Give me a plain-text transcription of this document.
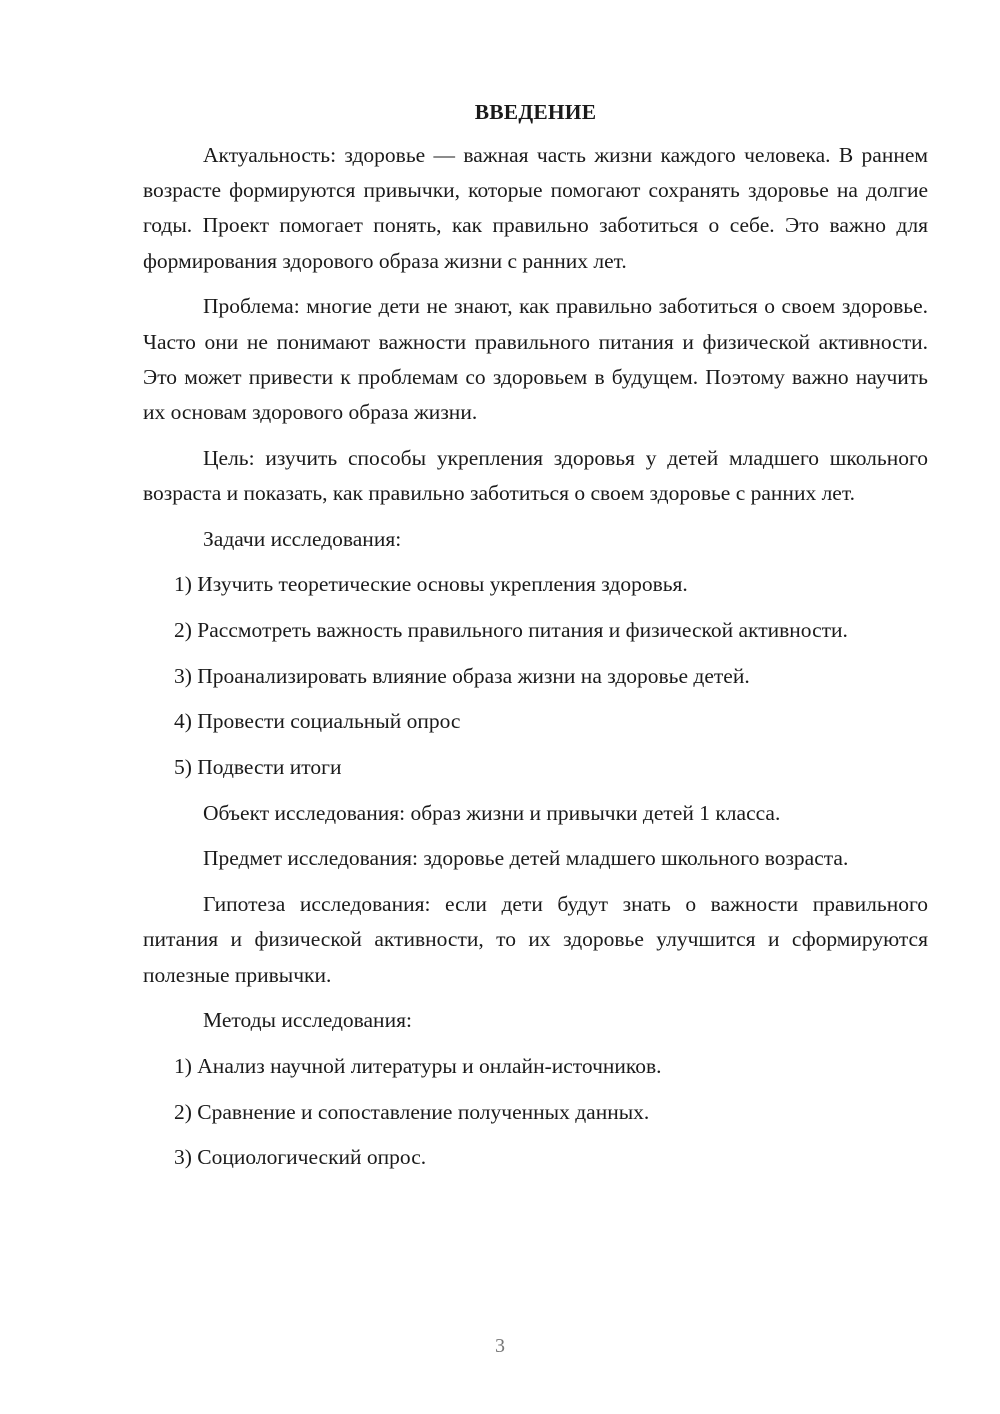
ВВЕДЕНИЕ

Актуальность: здоровье — важная часть жизни каждого человека. В раннем возрасте формируются привычки, которые помогают сохранять здоровье на долгие годы. Проект помогает понять, как правильно заботиться о себе. Это важно для формирования здорового образа жизни с ранних лет.

Проблема: многие дети не знают, как правильно заботиться о своем здоровье. Часто они не понимают важности правильного питания и физической активности. Это может привести к проблемам со здоровьем в будущем. Поэтому важно научить их основам здорового образа жизни.

Цель: изучить способы укрепления здоровья у детей младшего школьного возраста и показать, как правильно заботиться о своем здоровье с ранних лет.

Задачи исследования:

1) Изучить теоретические основы укрепления здоровья.

2) Рассмотреть важность правильного питания и физической активности.

3) Проанализировать влияние образа жизни на здоровье детей.

4) Провести социальный опрос

5) Подвести итоги

Объект исследования: образ жизни и привычки детей 1 класса.

Предмет исследования: здоровье детей младшего школьного возраста.

Гипотеза исследования: если дети будут знать о важности правильного питания и физической активности, то их здоровье улучшится и сформируются полезные привычки.

Методы исследования:

1) Анализ научной литературы и онлайн-источников.

2) Сравнение и сопоставление полученных данных.

3) Социологический опрос.

3
